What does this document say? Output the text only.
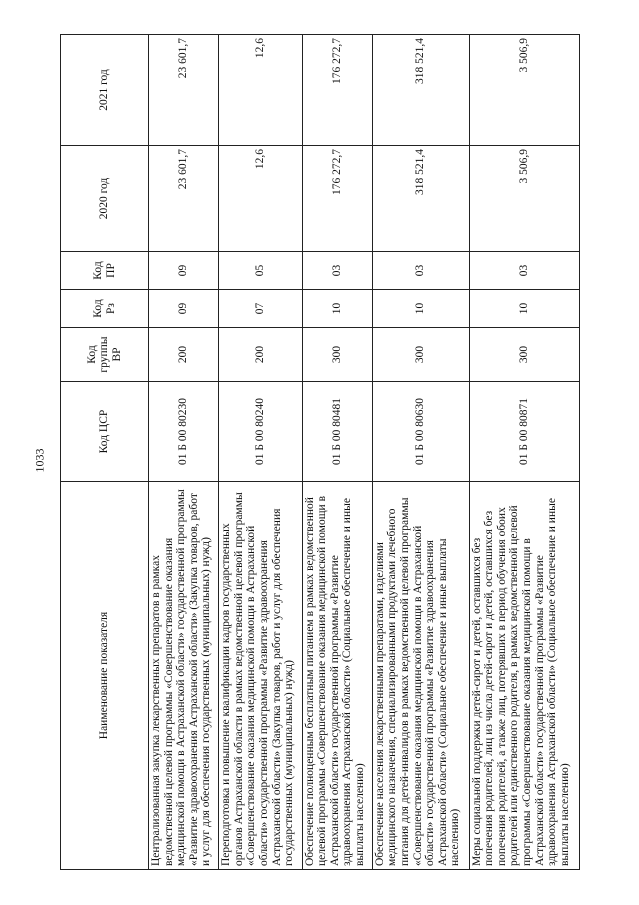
1033
Наименование показателя	Код ЦСР	Код группы ВР	Код Рз	Код ПР	2020 год	2021 год
Централизованная закупка лекарственных препаратов в рамках ведомственной целевой программы «Совершенствование оказания медицинской помощи в Астраханской области» государственной программы «Развитие здравоохранения Астраханской области» (Закупка товаров, работ и услуг для обеспечения государственных (муниципальных) нужд)	01 Б 00 80230	200	09	09	23 601,7	23 601,7
Переподготовка и повышение квалификации кадров государственных органов Астраханской области в рамках ведомственной целевой программы «Совершенствование оказания медицинской помощи в Астраханской области» государственной программы «Развитие здравоохранения Астраханской области» (Закупка товаров, работ и услуг для обеспечения государственных (муниципальных) нужд)	01 Б 00 80240	200	07	05	12,6	12,6
Обеспечение полноценным бесплатным питанием в рамках ведомственной целевой программы «Совершенствование оказания медицинской помощи в Астраханской области» государственной программы «Развитие здравоохранения Астраханской области» (Социальное обеспечение и иные выплаты населению)	01 Б 00 80481	300	10	03	176 272,7	176 272,7
Обеспечение населения лекарственными препаратами, изделиями медицинского назначения, специализированными продуктами лечебного питания для детей-инвалидов в рамках ведомственной целевой программы «Совершенствование оказания медицинской помощи в Астраханской области» государственной программы «Развитие здравоохранения Астраханской области» (Социальное обеспечение и иные выплаты населению)	01 Б 00 80630	300	10	03	318 521,4	318 521,4
Меры социальной поддержки детей-сирот и детей, оставшихся без попечения родителей, лиц из числа детей-сирот и детей, оставшихся без попечения родителей, а также лиц, потерявших в период обучения обоих родителей или единственного родителя, в рамках ведомственной целевой программы «Совершенствование оказания медицинской помощи в Астраханской области» государственной программы «Развитие здравоохранения Астраханской области» (Социальное обеспечение и иные выплаты населению)	01 Б 00 80871	300	10	03	3 506,9	3 506,9
